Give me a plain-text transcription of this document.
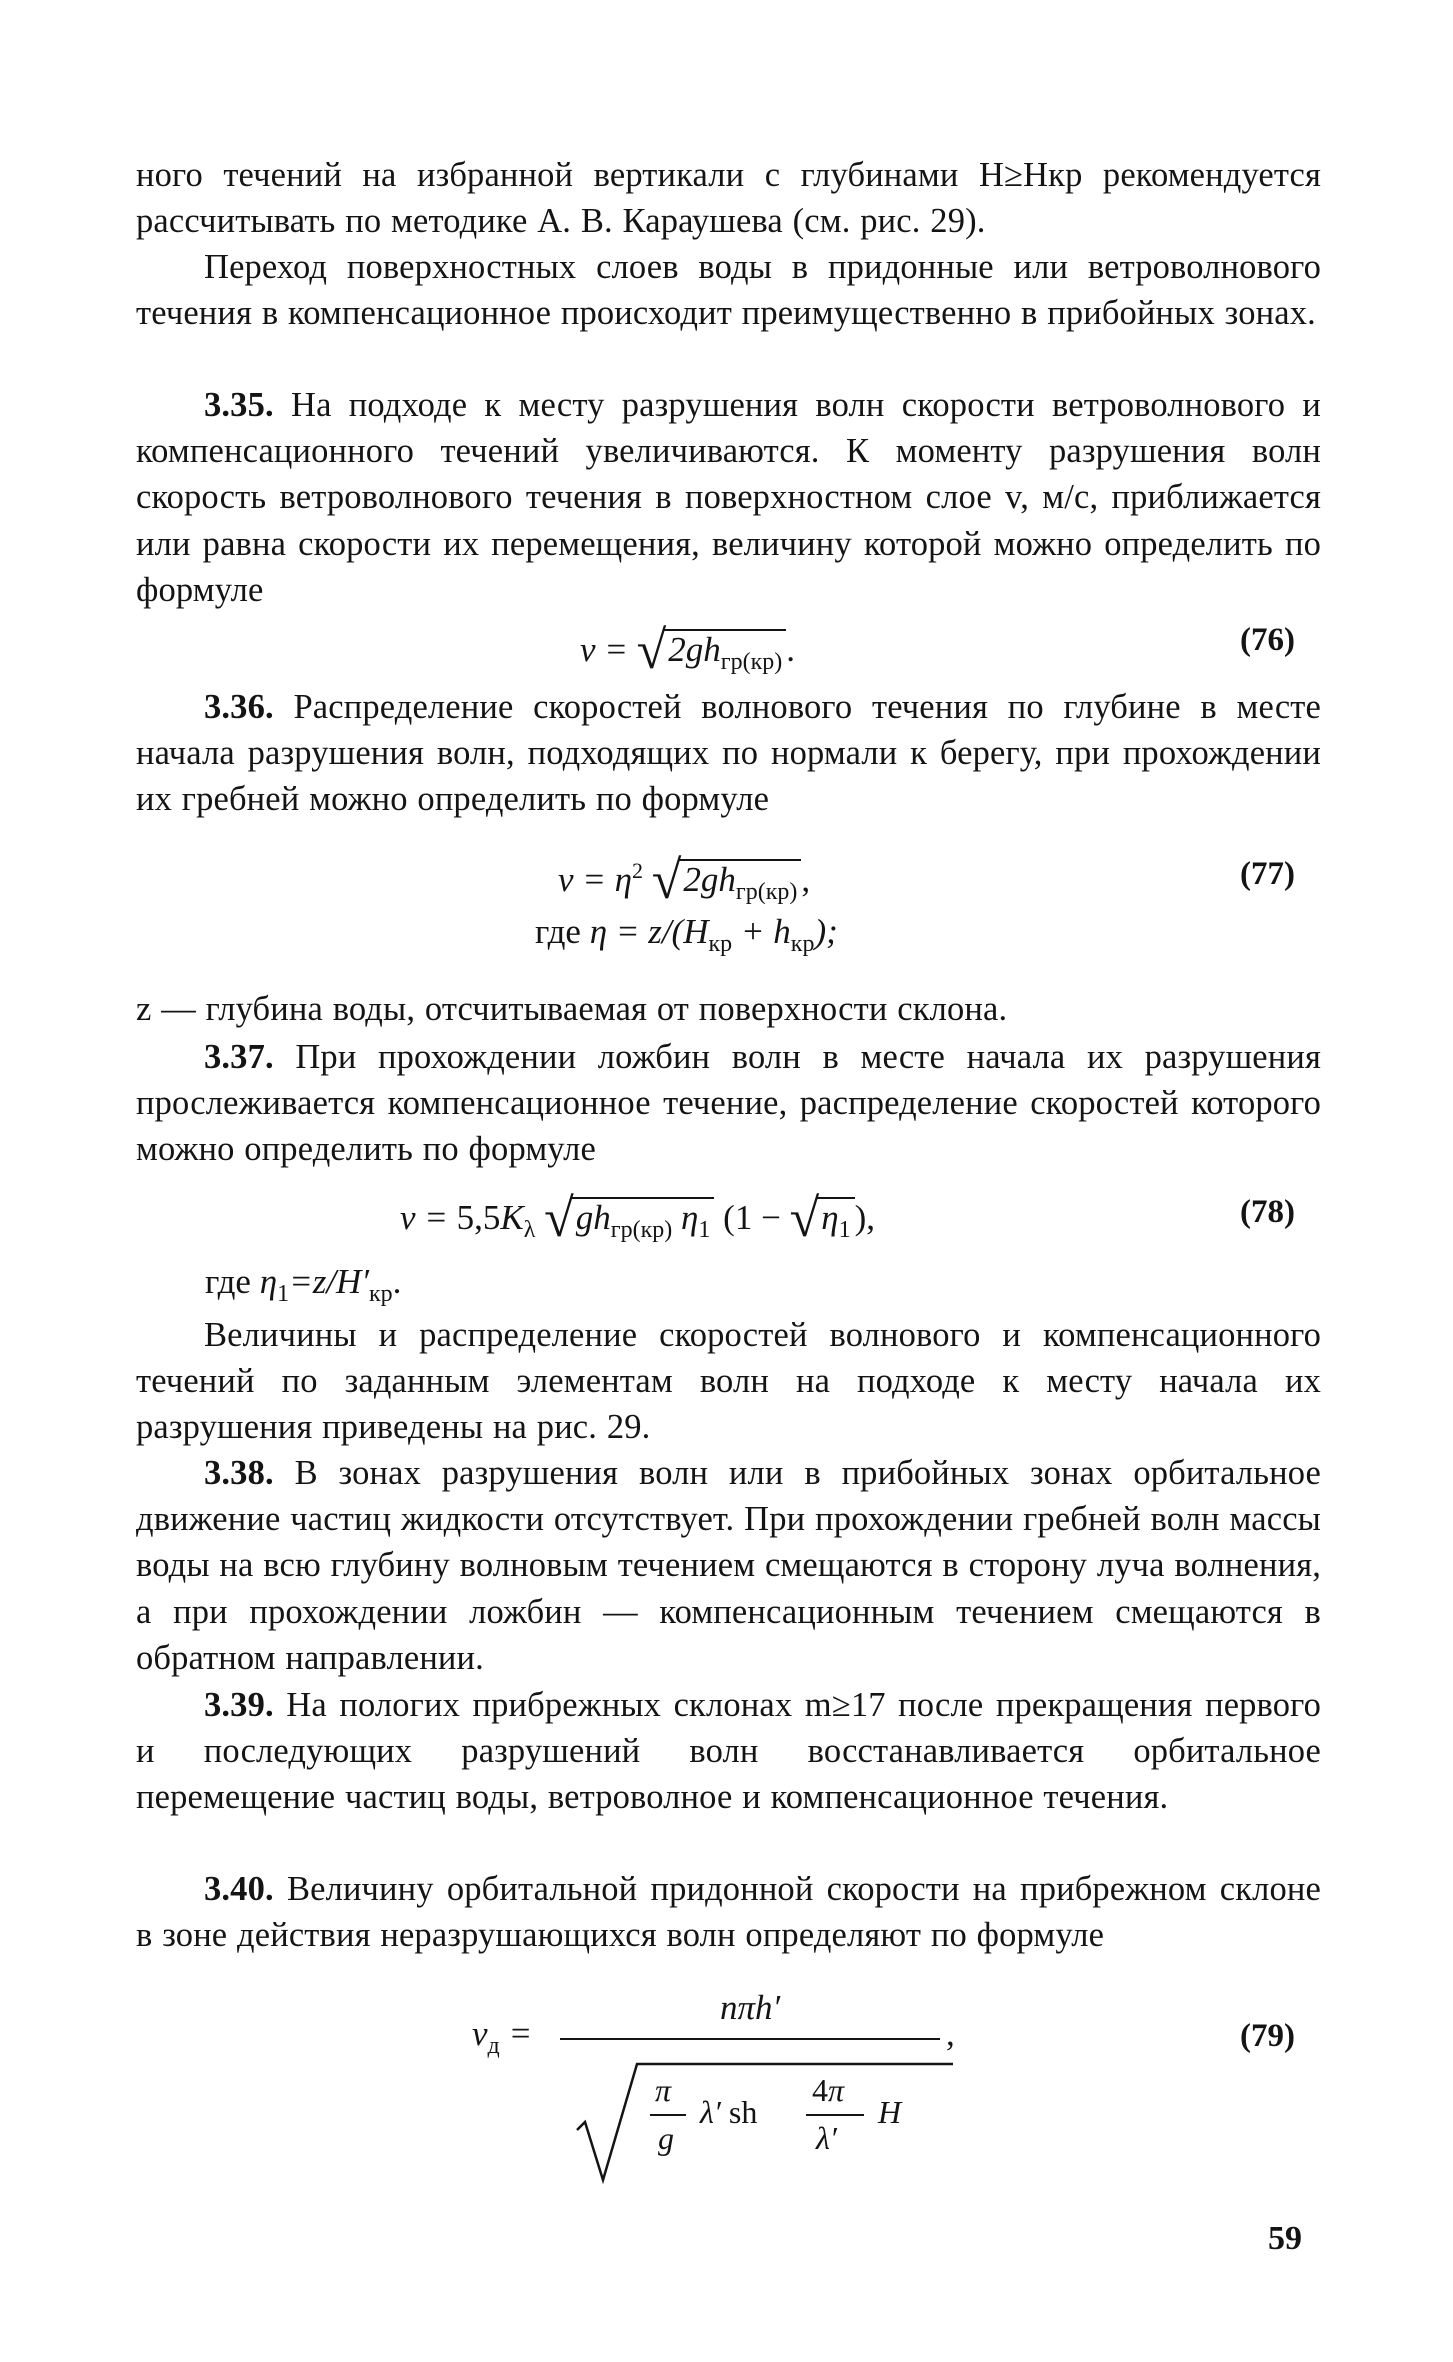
ного течений на избранной вертикали с глубинами H≥Hкр рекомендуется рассчитывать по методике А. В. Караушева (см. рис. 29).

Переход поверхностных слоев воды в придонные или ветроволнового течения в компенсационное происходит преимущественно в прибойных зонах.

3.35. На подходе к месту разрушения волн скорости ветроволнового и компенсационного течений увеличиваются. К моменту разрушения волн скорость ветроволнового течения в поверхностном слое v, м/с, приближается или равна скорости их перемещения, величину которой можно определить по формуле

$v = √2gh_{гр(кр)}$ .	(76)

3.36. Распределение скоростей волнового течения по глубине в месте начала разрушения волн, подходящих по нормали к берегу, при прохождении их гребней можно определить по формуле

$v = \eta^2$ $√2gh_{гр(кр)}$ ,	(77)
где $\eta = z/(H_{кр} + h_{кр})$;

z — глубина воды, отсчитываемая от поверхности склона.

3.37. При прохождении ложбин волн в месте начала их разрушения прослеживается компенсационное течение, распределение скоростей которого можно определить по формуле

$v = 5,5K_\lambda$ $√gh_{гр(кр)}$ $\eta_1$ ($1 - √\eta_1$ ),	(78)
где $\eta_1=z/H'_{кр}$.

Величины и распределение скоростей волнового и компенсационного течений по заданным элементам волн на подходе к месту начала их разрушения приведены на рис. 29.

3.38. В зонах разрушения волн или в прибойных зонах орбитальное движение частиц жидкости отсутствует. При прохождении гребней волн массы воды на всю глубину волновым течением смещаются в сторону луча волнения, а при прохождении ложбин — компенсационным течением смещаются в обратном направлении.

3.39. На пологих прибрежных склонах m≥17 после прекращения первого и последующих разрушений волн восстанавливается орбитальное перемещение частиц воды, ветроволное и компенсационное течения.

3.40. Величину орбитальной придонной скорости на прибрежном склоне в зоне действия неразрушающихся волн определяют по формуле

$v_д$ =
nπh′
,
π
g
λ′ sh
4π
λ′
H
(79)
59
